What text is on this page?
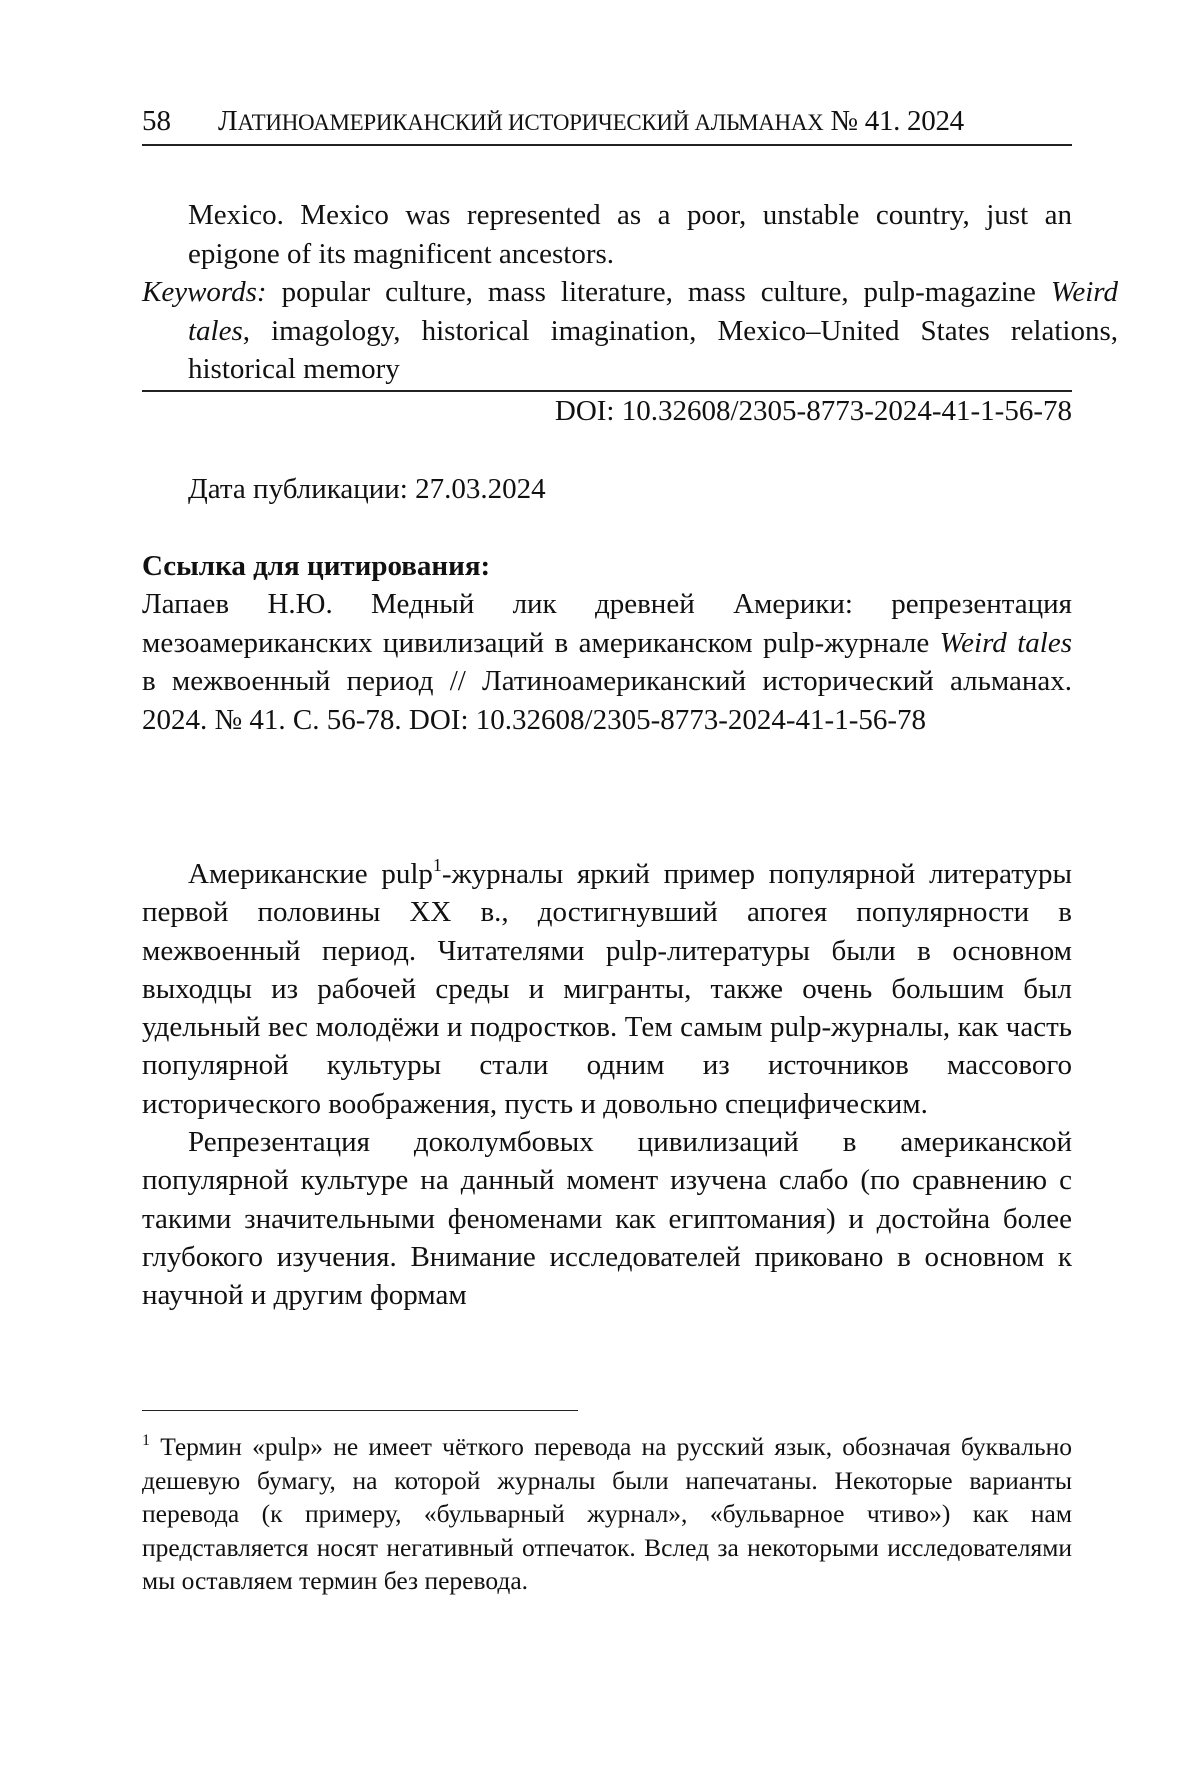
58 ЛАТИНОАМЕРИКАНСКИЙ ИСТОРИЧЕСКИЙ АЛЬМАНАХ № 41. 2024
Mexico. Mexico was represented as a poor, unstable country, just an epigone of its magnificent ancestors.
Keywords: popular culture, mass literature, mass culture, pulp-magazine Weird tales, imagology, historical imagination, Mexico–United States relations, historical memory
DOI: 10.32608/2305-8773-2024-41-1-56-78
Дата публикации: 27.03.2024
Ссылка для цитирования:
Лапаев Н.Ю. Медный лик древней Америки: репрезентация мезоамериканских цивилизаций в американском pulp-журнале Weird tales в межвоенный период // Латиноамериканский исторический альманах. 2024. № 41. С. 56-78. DOI: 10.32608/2305-8773-2024-41-1-56-78

Американские pulp$^1$-журналы яркий пример популярной литературы первой половины XX в., достигнувший апогея популярности в межвоенный период. Читателями pulp-литературы были в основном выходцы из рабочей среды и мигранты, также очень большим был удельный вес молодёжи и подростков. Тем самым pulp-журналы, как часть популярной культуры стали одним из источников массового исторического воображения, пусть и довольно специфическим.

Репрезентация доколумбовых цивилизаций в американской популярной культуре на данный момент изучена слабо (по сравнению с такими значительными феноменами как египтомания) и достойна более глубокого изучения. Внимание исследователей приковано в основном к научной и другим формам

$^1$ Термин «pulp» не имеет чёткого перевода на русский язык, обозначая буквально дешевую бумагу, на которой журналы были напечатаны. Некоторые варианты перевода (к примеру, «бульварный журнал», «бульварное чтиво») как нам представляется носят негативный отпечаток. Вслед за некоторыми исследователями мы оставляем термин без перевода.
